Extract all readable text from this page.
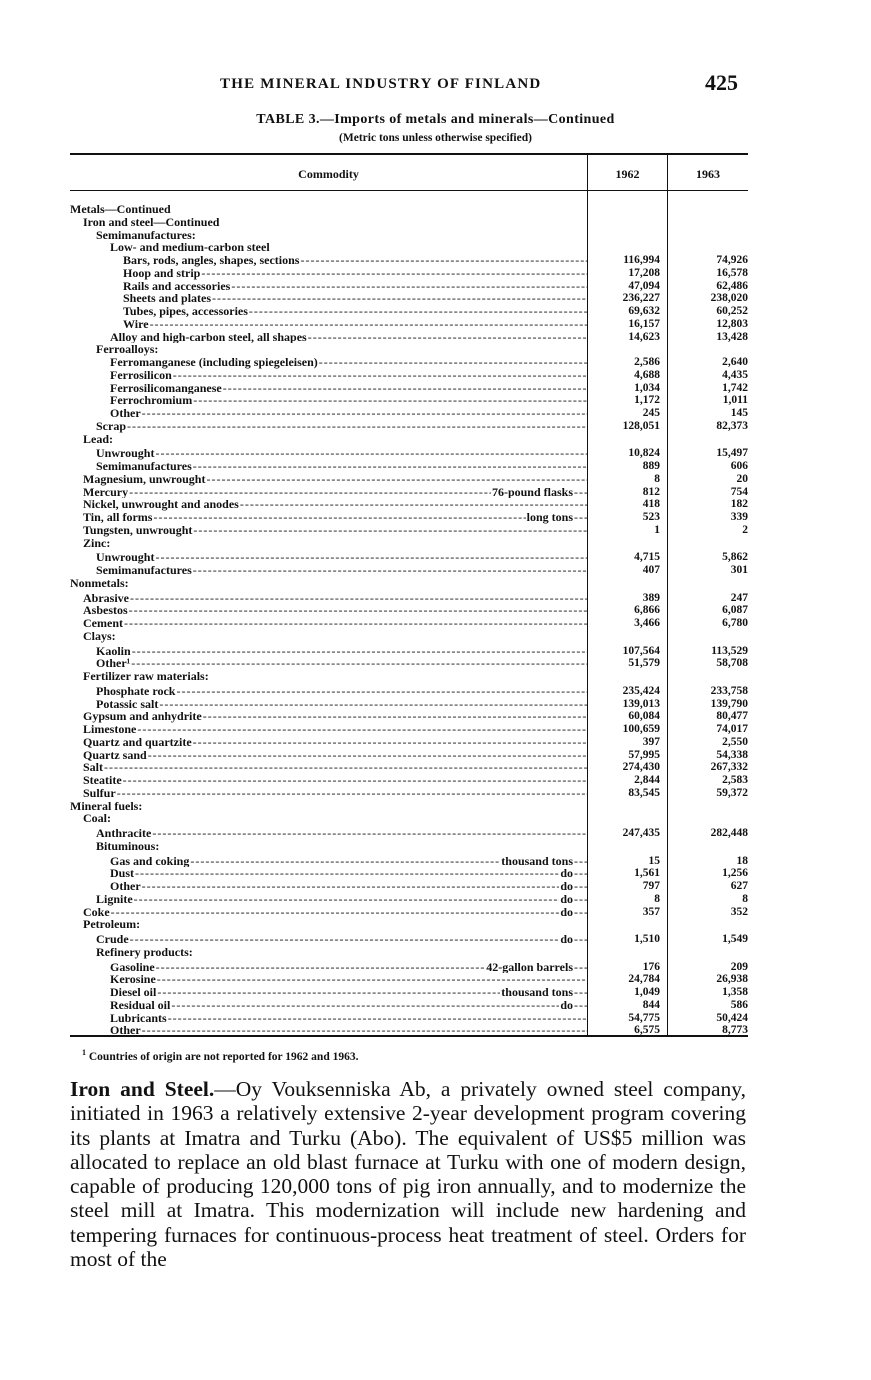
THE MINERAL INDUSTRY OF FINLAND	425
TABLE 3.—Imports of metals and minerals—Continued
(Metric tons unless otherwise specified)
Commodity	1962	1963
Metals—Continued
Iron and steel—Continued
Semimanufactures:
Low- and medium-carbon steel
Bars, rods, angles, shapes, sections -----	116,994	74,926
Hoop and strip -----	17,208	16,578
Rails and accessories -----	47,094	62,486
Sheets and plates -----	236,227	238,020
Tubes, pipes, accessories -----	69,632	60,252
Wire -----	16,157	12,803
Alloy and high-carbon steel, all shapes -----	14,623	13,428
Ferroalloys:
Ferromanganese (including spiegeleisen) -----	2,586	2,640
Ferrosilicon -----	4,688	4,435
Ferrosilicomanganese -----	1,034	1,742
Ferrochromium -----	1,172	1,011
Other -----	245	145
Scrap -----	128,051	82,373
Lead:
Unwrought -----	10,824	15,497
Semimanufactures -----	889	606
Magnesium, unwrought -----	8	20
Mercury -----	76-pound flasks ------	812	754
Nickel, unwrought and anodes -----	418	182
Tin, all forms -----	long tons ------	523	339
Tungsten, unwrought -----	1	2
Zinc:
Unwrought -----	4,715	5,862
Semimanufactures -----	407	301
Nonmetals:
Abrasive -----	389	247
Asbestos -----	6,866	6,087
Cement -----	3,466	6,780
Clays:
Kaolin -----	107,564	113,529
Other¹ -----	51,579	58,708
Fertilizer raw materials:
Phosphate rock -----	235,424	233,758
Potassic salt -----	139,013	139,790
Gypsum and anhydrite -----	60,084	80,477
Limestone -----	100,659	74,017
Quartz and quartzite -----	397	2,550
Quartz sand -----	57,995	54,338
Salt -----	274,430	267,332
Steatite -----	2,844	2,583
Sulfur -----	83,545	59,372
Mineral fuels:
Coal:
Anthracite -----	247,435	282,448
Bituminous:
Gas and coking -----	thousand tons ------	15	18
Dust -----	do ------	1,561	1,256
Other -----	do ------	797	627
Lignite -----	do ------	8	8
Coke -----	do ------	357	352
Petroleum:
Crude -----	do ------	1,510	1,549
Refinery products:
Gasoline -----	42-gallon barrels ------	176	209
Kerosine -----	24,784	26,938
Diesel oil -----	thousand tons ------	1,049	1,358
Residual oil -----	do ------	844	586
Lubricants -----	54,775	50,424
Other -----	6,575	8,773
$^1$ Countries of origin are not reported for 1962 and 1963.
Iron and Steel.—Oy Vouksenniska Ab, a privately owned steel company, initiated in 1963 a relatively extensive 2-year development program covering its plants at Imatra and Turku (Abo). The equivalent of US$5 million was allocated to replace an old blast furnace at Turku with one of modern design, capable of producing 120,000 tons of pig iron annually, and to modernize the steel mill at Imatra. This modernization will include new hardening and tempering furnaces for continuous-process heat treatment of steel. Orders for most of the
